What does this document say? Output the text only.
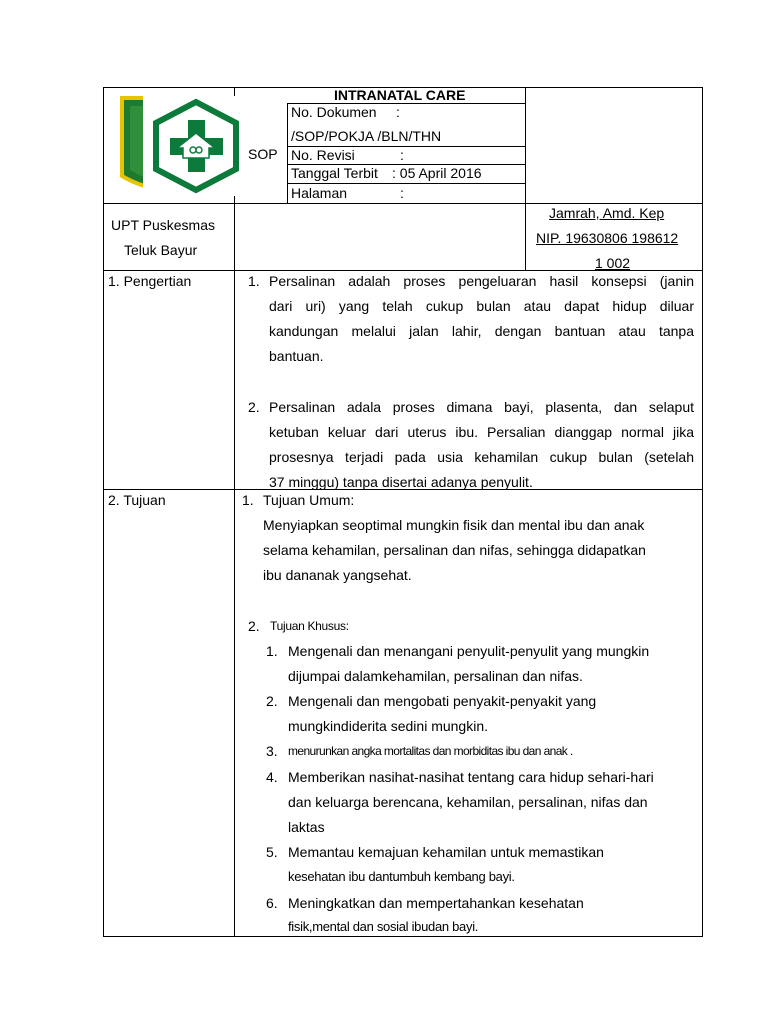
INTRANATAL CARE
SOP
No. Dokumen :
/SOP/POKJA /BLN/THN
No. Revisi	:
Tanggal Terbit : 05 April 2016
Halaman	:
UPT Puskesmas
Teluk Bayur
Jamrah, Amd. Kep
NIP. 19630806 198612
1 002
1. Pengertian	1. Persalinan adalah proses pengeluaran hasil konsepsi (janin
dari uri) yang telah cukup bulan atau dapat hidup diluar
kandungan melalui jalan lahir, dengan bantuan atau tanpa
bantuan.
2. Persalinan adala proses dimana bayi, plasenta, dan selaput
ketuban keluar dari uterus ibu. Persalian dianggap normal jika
prosesnya terjadi pada usia kehamilan cukup bulan (setelah
37 minggu) tanpa disertai adanya penyulit.
2. Tujuan	1. Tujuan Umum:
Menyiapkan seoptimal mungkin fisik dan mental ibu dan anak
selama kehamilan, persalinan dan nifas, sehingga didapatkan
ibu dananak yangsehat.
2. Tujuan Khusus:
1. Mengenali dan menangani penyulit-penyulit yang mungkin
dijumpai dalamkehamilan, persalinan dan nifas.
2. Mengenali dan mengobati penyakit-penyakit yang
mungkindiderita sedini mungkin.
3. menurunkan angka mortalitas dan morbiditas ibu dan anak .
4. Memberikan nasihat-nasihat tentang cara hidup sehari-hari
dan keluarga berencana, kehamilan, persalinan, nifas dan
laktas
5. Memantau kemajuan kehamilan untuk memastikan
kesehatan ibu dantumbuh kembang bayi.
6. Meningkatkan dan mempertahankan kesehatan
fisik,mental dan sosial ibudan bayi.
